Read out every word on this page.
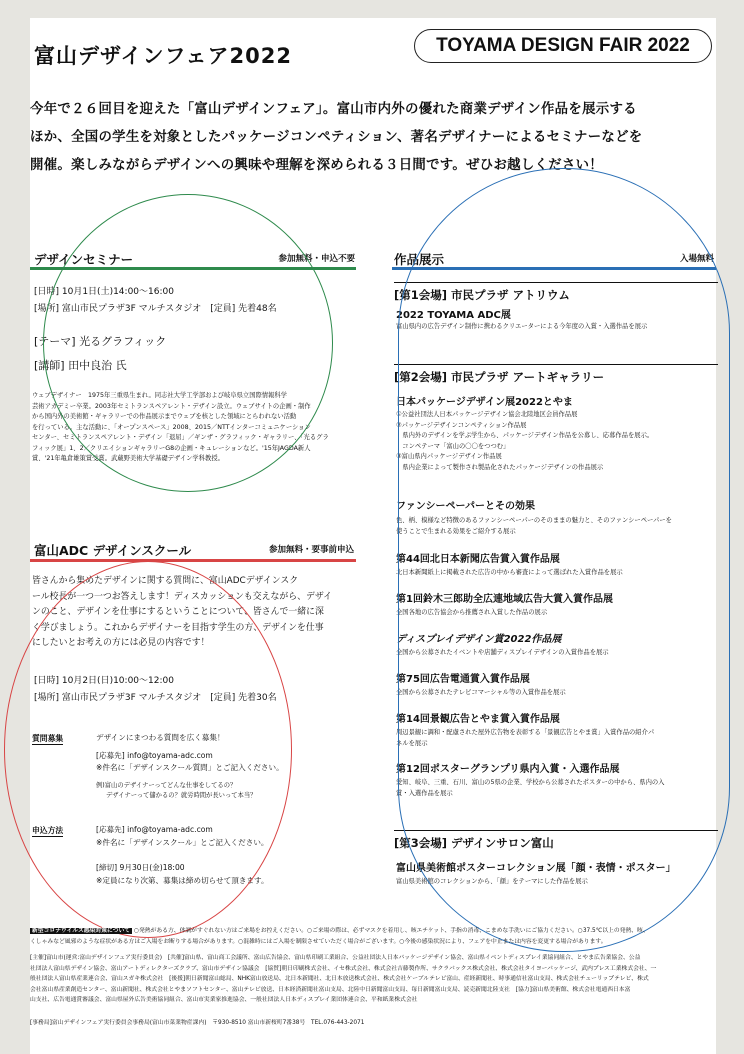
富山デザインフェア2022	TOYAMA DESIGN FAIR 2022
今年で２６回目を迎えた「富山デザインフェア」。富山市内外の優れた商業デザイン作品を展示する
ほか、全国の学生を対象としたパッケージコンペティション、著名デザイナーによるセミナーなどを
開催。楽しみながらデザインへの興味や理解を深められる３日間です。ぜひお越しください！
デザインセミナー	参加無料・申込不要
[日時] 10月1日(土)14:00〜16:00
[場所] 富山市民プラザ3F マルチスタジオ　[定員] 先着48名
[テーマ] 光るグラフィック
[講師] 田中良治 氏
ウェブデザイナー　1975年三重県生まれ。同志社大学工学部および岐阜県立国際情報科学
芸術アカデミー卒業。2003年セミトランスペアレント・デザイン設立。ウェブサイトの企画・制作
から国内外の美術館・ギャラリーでの作品展示までウェブを核とした領域にとらわれない活動
を行っている。主な活動に、「オープンスペース」2008、2015／NTTインターコミュニケーション
センター、セミトランスペアレント・デザイン「退屈」／ギンザ・グラフィック・ギャラリー、「光るグラ
フィック展」1、2／クリエイションギャラリーG8の企画・キュレーションなど。'15年JAGDA新人
賞、'21年亀倉雄策賞受賞。武蔵野美術大学基礎デザイン学科教授。
富山ADC デザインスクール	参加無料・要事前申込
皆さんから集めたデザインに関する質問に、富山ADCデザインスク
ール校長が一つ一つお答えします！ディスカッションも交えながら、デザイ
ンのこと、デザインを仕事にするということについて、皆さんで一緒に深
く学びましょう。これからデザイナーを目指す学生の方、デザインを仕事
にしたいとお考えの方には必見の内容です！
[日時] 10月2日(日)10:00〜12:00
[場所] 富山市民プラザ3F マルチスタジオ　[定員] 先着30名
質問募集	デザインにまつわる質問を広く募集！
[応募先] info@toyama-adc.com
※件名に「デザインスクール質問」とご記入ください。
例)富山のデザイナーってどんな仕事をしてるの？
デザイナーって儲かるの？就労時間が長いって本当？
申込方法	[応募先] info@toyama-adc.com
※件名に「デザインスクール」とご記入ください。
[締切] 9月30日(金)18:00
※定員になり次第、募集は締め切らせて頂きます。
作品展示	入場無料
[第1会場] 市民プラザ アトリウム
2022 TOYAMA ADC展
富山県内の広告デザイン制作に携わるクリエーターによる今年度の入賞・入選作品を展示
[第2会場] 市民プラザ アートギャラリー
日本パッケージデザイン展2022とやま
①公益社団法人日本パッケージデザイン協会北陸地区会員作品展
②パッケージデザインコンペティション作品展
　県内外のデザインを学ぶ学生から、パッケージデザイン作品を公募し、応募作品を展示。
　コンペテーマ「富山の〇〇をつつむ」
③富山県内パッケージデザイン作品展
　県内企業によって製作され製品化されたパッケージデザインの作品展示
ファンシーペーパーとその効果
色、柄、模様など特徴のあるファンシーペーパーのそのままの魅力と、そのファンシーペーパーを
使うことで生まれる効果をご紹介する展示
第44回北日本新聞広告賞入賞作品展
北日本新聞紙上に掲載された広告の中から審査によって選ばれた入賞作品を展示
第1回鈴木三郎助全広連地域広告大賞入賞作品展
全国各地の広告協会から推薦され入賞した作品の展示
ディスプレイデザイン賞2022作品展
全国から公募されたイベントや店舗ディスプレイデザインの入賞作品を展示
第75回広告電通賞入賞作品展
全国から公募されたテレビコマーシャル等の入賞作品を展示
第14回景観広告とやま賞入賞作品展
周辺景観に調和・配慮された屋外広告物を表彰する「景観広告とやま賞」入賞作品の紹介パ
ネルを展示
第12回ポスターグランプリ県内入賞・入選作品展
愛知、岐阜、三重、石川、富山の5県の企業、学校から公募されたポスターの中から、県内の入
賞・入選作品を展示
[第3会場] デザインサロン富山
富山県美術館ポスターコレクション展「顔・表情・ポスター」
富山県美術館のコレクションから、「顔」をテーマにした作品を展示
新型コロナウイルス感染対策について ○発熱がある方、体調がすぐれない方はご来場をお控えください。○ご来場の際は、必ずマスクを着用し、咳エチケット、手指の消毒、こまめな手洗いにご協力ください。○37.5℃以上の発熱、咳、
くしゃみなど風邪のような症状がある方はご入場をお断りする場合があります。○混雑時にはご入場を制限させていただく場合がございます。○今後の感染状況により、フェアを中止または内容を変更する場合があります。
[主催]富山市(運営:富山デザインフェア実行委員会)　[共催]富山県、富山商工会議所、富山広告協会、富山県印刷工業組合、公益社団法人日本パッケージデザイン協会、富山県イベントディスプレイ業協同組合、とやま広告業協会、公益
社団法人富山県デザイン協会、富山アートディレクターズクラブ、富山市デザイン協議会　[協賛]朝日印刷株式会社、イセ株式会社、株式会社吉藤製作所、サクラパックス株式会社、株式会社タイヨーパッケージ、武内プレス工業株式会社、一
般社団法人富山県産業連合会、富山スガキ株式会社　[後援]朝日新聞富山総局、NHK富山放送局、北日本新聞社、北日本放送株式会社、株式会社ケーブルテレビ富山、産経新聞社、時事通信社富山支局、株式会社チューリップテレビ、株式
会社富山県産業創造センター、富山新聞社、株式会社とやまソフトセンター、富山テレビ放送、日本経済新聞社富山支局、北陸中日新聞富山支局、毎日新聞富山支局、読売新聞北陸支社　[協力]富山県美術館、株式会社電通西日本富
山支社、広告電通賞審議会、富山県屋外広告美術協同組合、富山市実業家推進協会、一般社団法人日本ディスプレイ業団体連合会、平和紙業株式会社
[事務局]富山デザインフェア実行委員会事務局(富山市菜業物産課内)　〒930-8510 富山市新桜町7番38号　TEL.076-443-2071
